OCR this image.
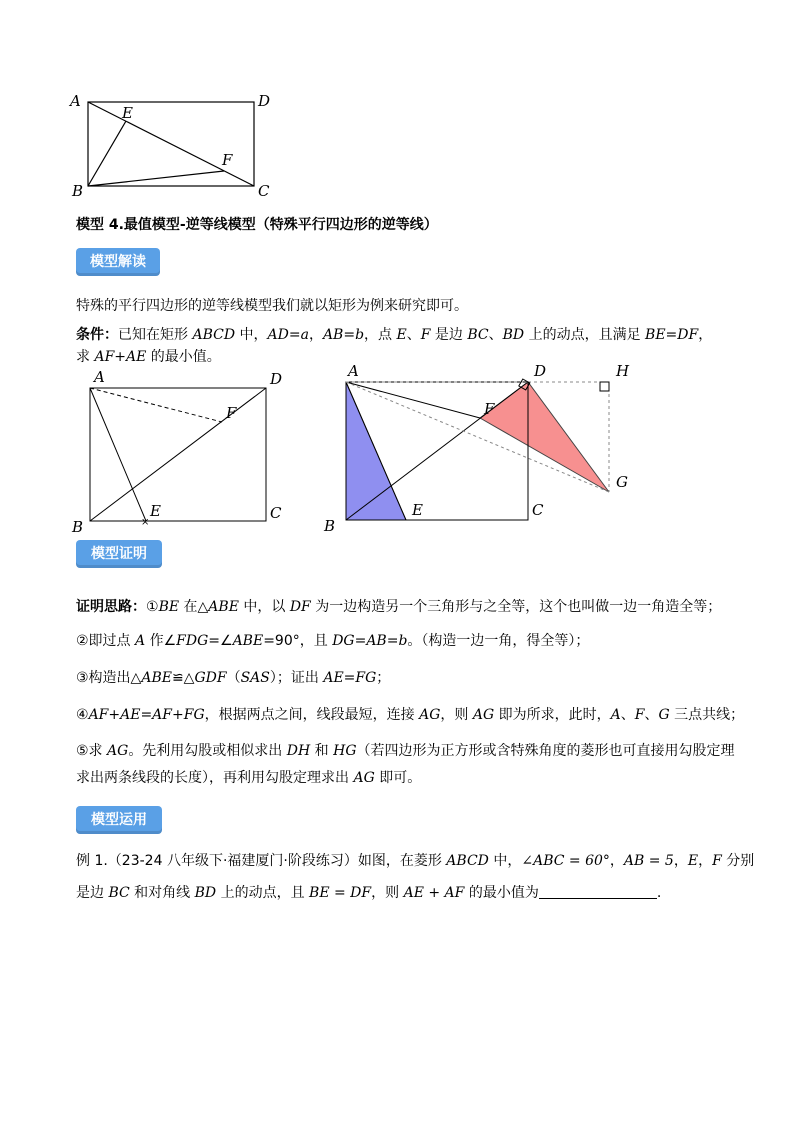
A	D
E
F
B	C
模型 4.最值模型-逆等线模型（特殊平行四边形的逆等线）
模型解读
特殊的平行四边形的逆等线模型我们就以矩形为例来研究即可。
条件：已知在矩形 ABCD 中，AD=a，AB=b，点 E、F 是边 BC、BD 上的动点，且满足 BE=DF，
求 AF+AE 的最小值。
A	D
F
B
E	C
×
A	D	H
F
G
B
E	C
模型证明
证明思路：①BE 在△ABE 中，以 DF 为一边构造另一个三角形与之全等，这个也叫做一边一角造全等；
②即过点 A 作∠FDG=∠ABE=90°，且 DG=AB=b。（构造一边一角，得全等）；
③构造出△ABE≌△GDF（SAS）；证出 AE=FG；
④AF+AE=AF+FG，根据两点之间，线段最短，连接 AG，则 AG 即为所求，此时，A、F、G 三点共线；
⑤求 AG。先利用勾股或相似求出 DH 和 HG（若四边形为正方形或含特殊角度的菱形也可直接用勾股定理
求出两条线段的长度），再利用勾股定理求出 AG 即可。
模型运用
例 1.（23-24 八年级下·福建厦门·阶段练习）如图，在菱形 ABCD 中，∠ABC = 60°，AB = 5，E，F 分别
是边 BC 和对角线 BD 上的动点，且 BE = DF，则 AE + AF 的最小值为	.
